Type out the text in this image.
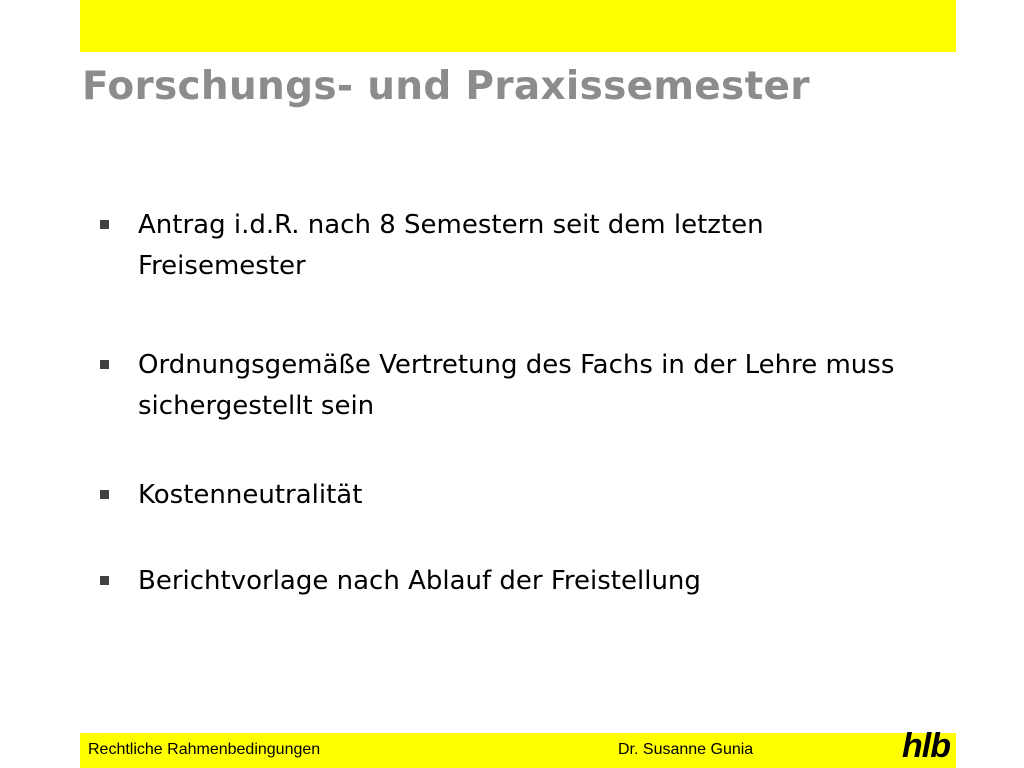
Forschungs- und Praxissemester
Antrag i.d.R. nach 8 Semestern seit dem letzten Freisemester
Ordnungsgemäße Vertretung des Fachs in der Lehre muss sichergestellt sein
Kostenneutralität
Berichtvorlage nach Ablauf der Freistellung
Rechtliche Rahmenbedingungen	Dr. Susanne Gunia	hlb
